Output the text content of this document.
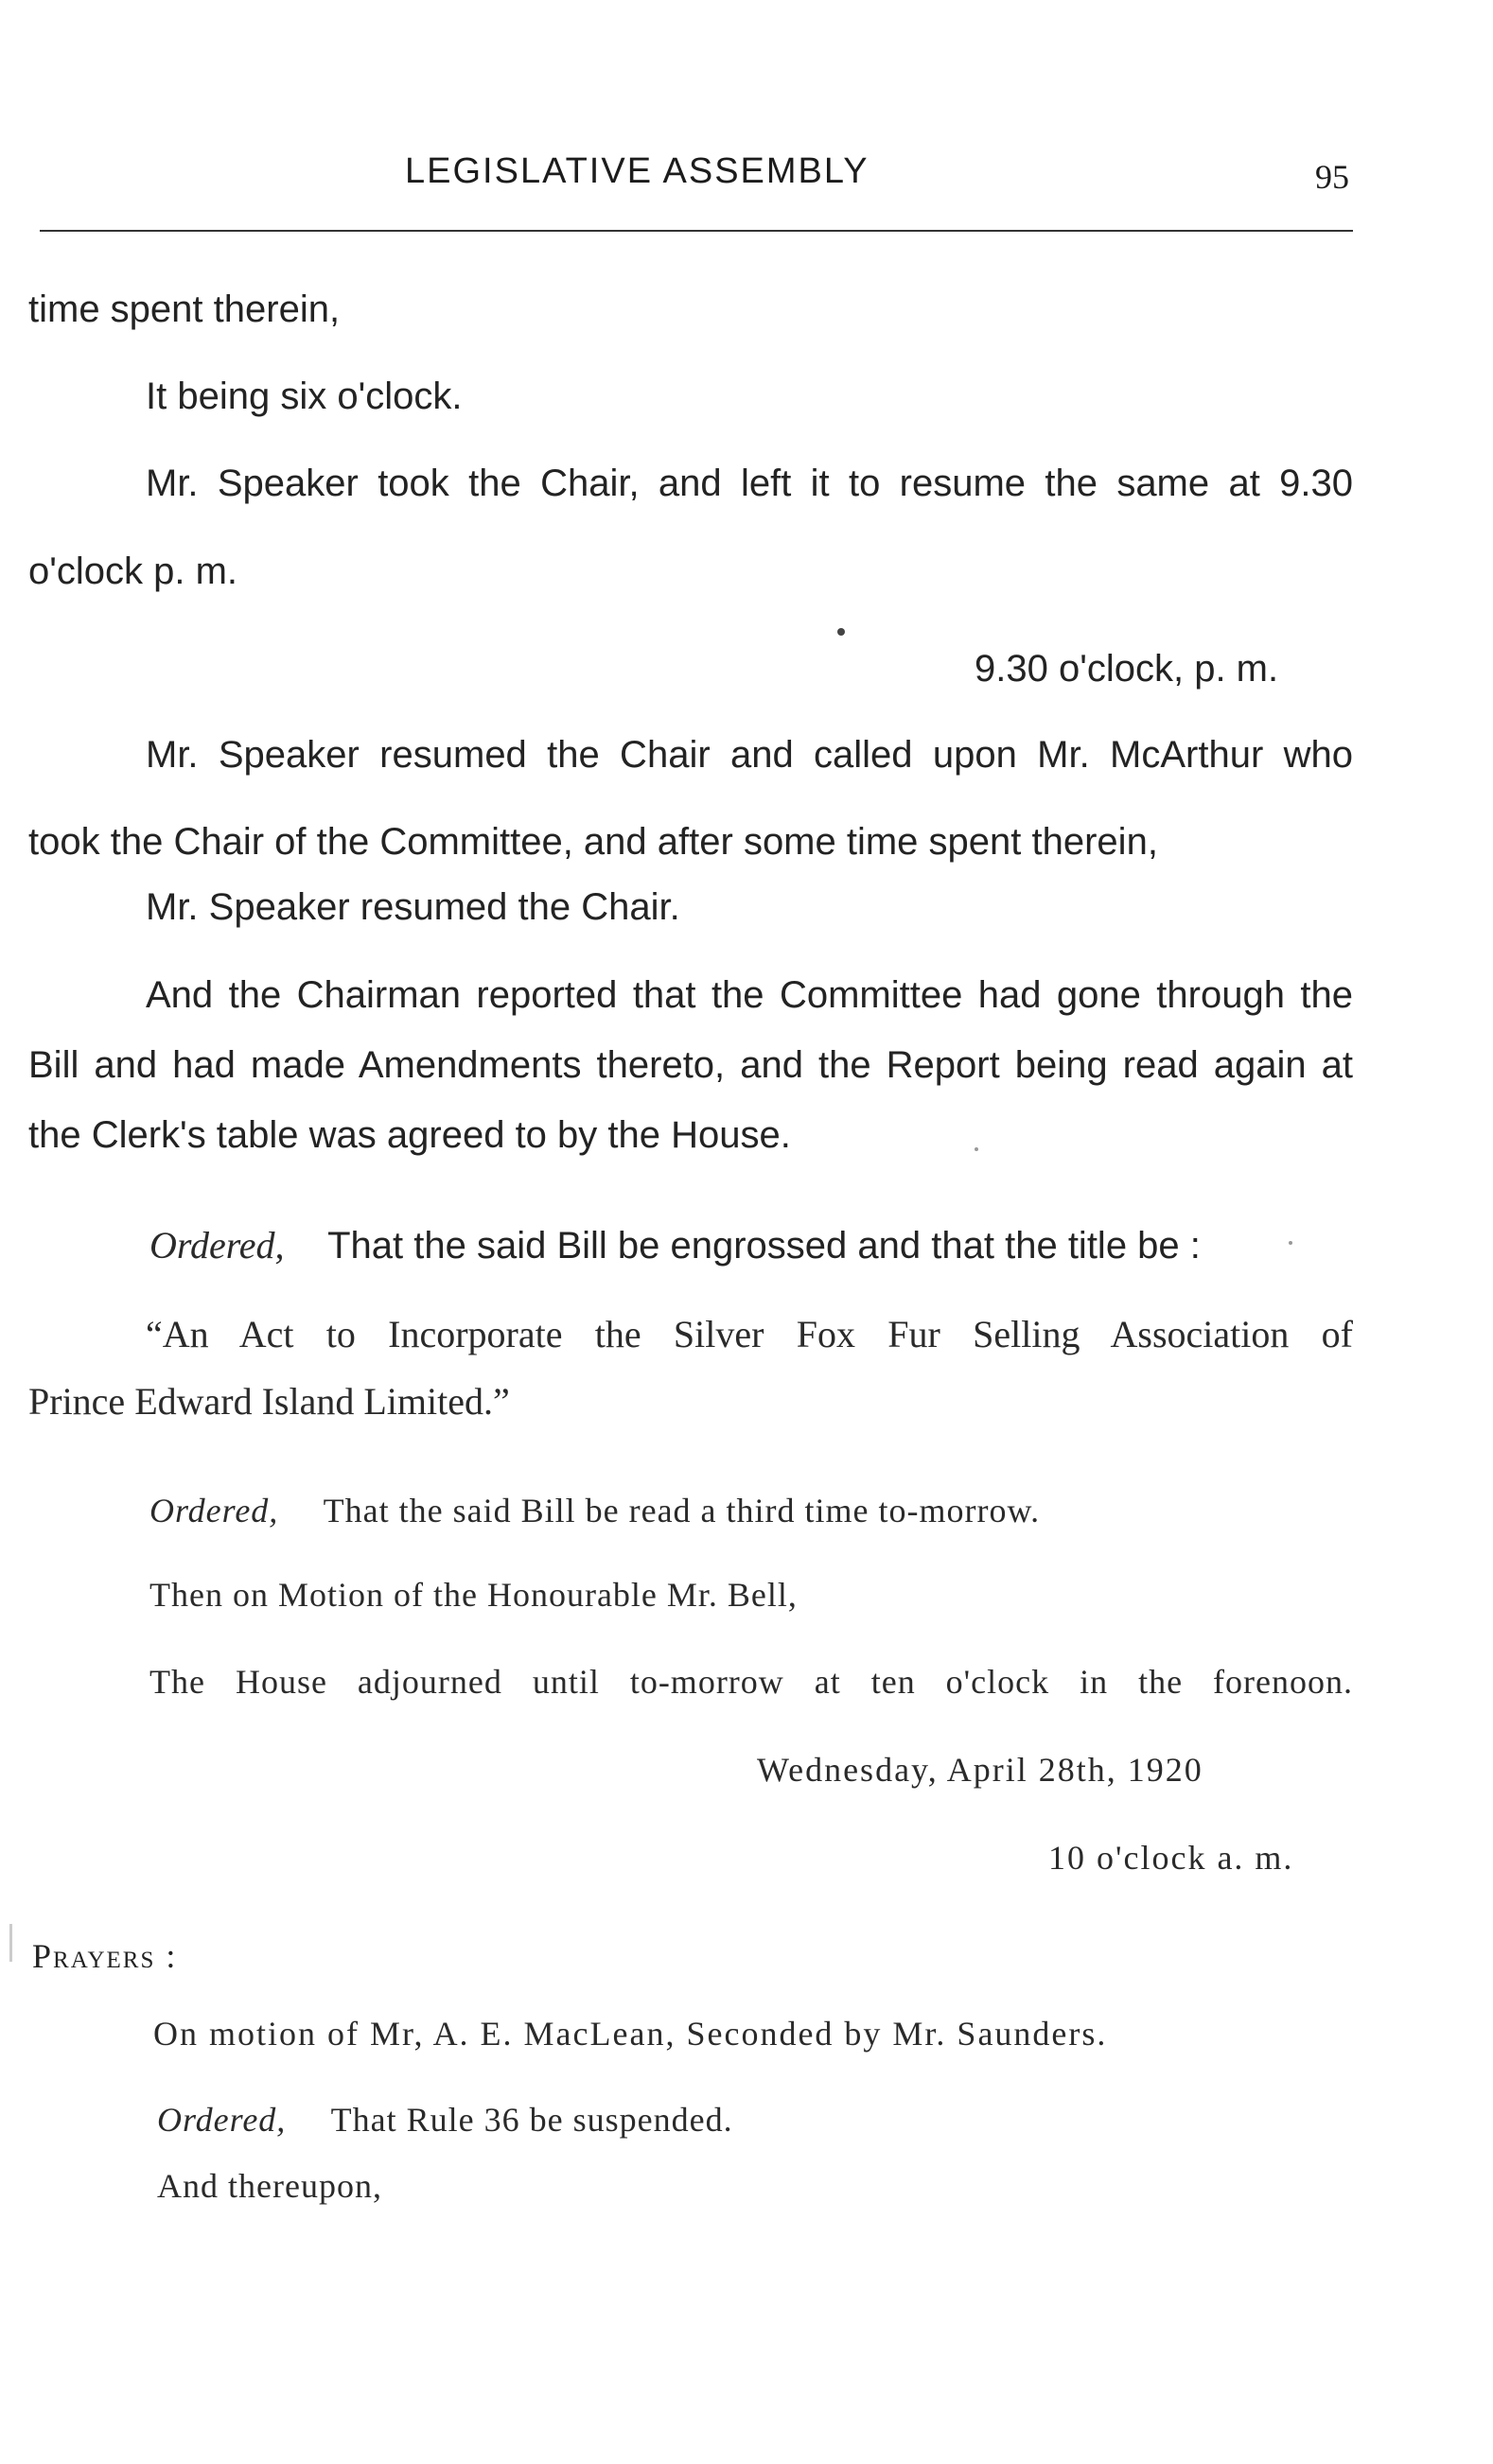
LEGISLATIVE ASSEMBLY	95

time spent therein,

It being six o'clock.

Mr. Speaker took the Chair, and left it to resume the same at 9.30

o'clock p. m.

9.30 o'clock, p. m.

Mr. Speaker resumed the Chair and called upon Mr. McArthur who

took the Chair of the Committee, and after some time spent therein,

Mr. Speaker resumed the Chair.

And the Chairman reported that the Committee had gone through the

Bill and had made Amendments thereto, and the Report being read again at

the Clerk's table was agreed to by the House.

Ordered, That the said Bill be engrossed and that the title be :

“An Act to Incorporate the Silver Fox Fur Selling Association of

Prince Edward Island Limited.”

Ordered, That the said Bill be read a third time to-morrow.

Then on Motion of the Honourable Mr. Bell,

The House adjourned until to-morrow at ten o'clock in the forenoon.

Wednesday, April 28th, 1920

10 o'clock a. m.

Prayers :

On motion of Mr, A. E. MacLean, Seconded by Mr. Saunders.

Ordered, That Rule 36 be suspended.

And thereupon,
